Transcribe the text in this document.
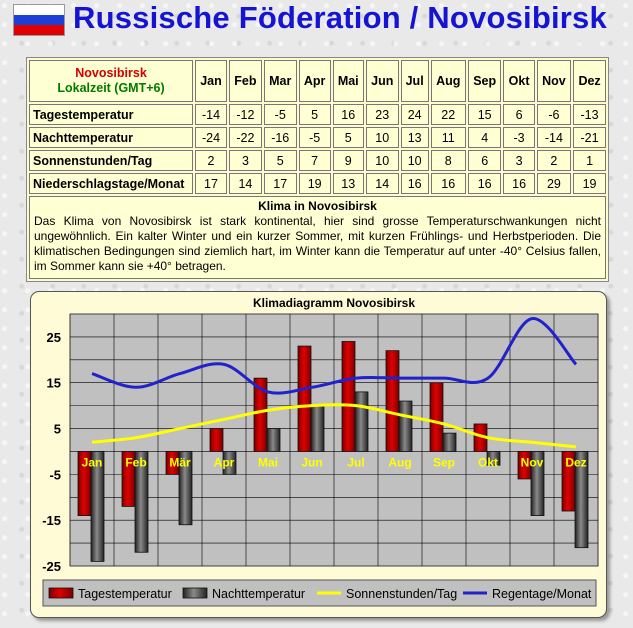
Russische Föderation / Novosibirsk
Novosibirsk
Lokalzeit (GMT+6)	Jan	Feb	Mar	Apr	Mai	Jun	Jul	Aug	Sep	Okt	Nov	Dez
Tagestemperatur	-14	-12	-5	5	16	23	24	22	15	6	-6	-13
Nachttemperatur	-24	-22	-16	-5	5	10	13	11	4	-3	-14	-21
Sonnenstunden/Tag	2	3	5	7	9	10	10	8	6	3	2	1
Niederschlagstage/Monat	17	14	17	19	13	14	16	16	16	16	29	19

Klima in Novosibirsk
Das Klima von Novosibirsk ist stark kontinental, hier sind grosse Temperaturschwankungen nicht ungewöhnlich. Ein kalter Winter und ein kurzer Sommer, mit kurzen Frühlings- und Herbstperioden. Die klimatischen Bedingungen sind ziemlich hart, im Winter kann die Temperatur auf unter -40° Celsius fallen, im Sommer kann sie +40° betragen.												
Klimadiagramm Novosibirsk
-25
-15
-5
5
15
25
Jan Feb Mär Apr Mai Jun Jul Aug Sep Okt Nov Dez
Tagestemperatur	Nachttemperatur	Sonnenstunden/Tag	Regentage/Monat
